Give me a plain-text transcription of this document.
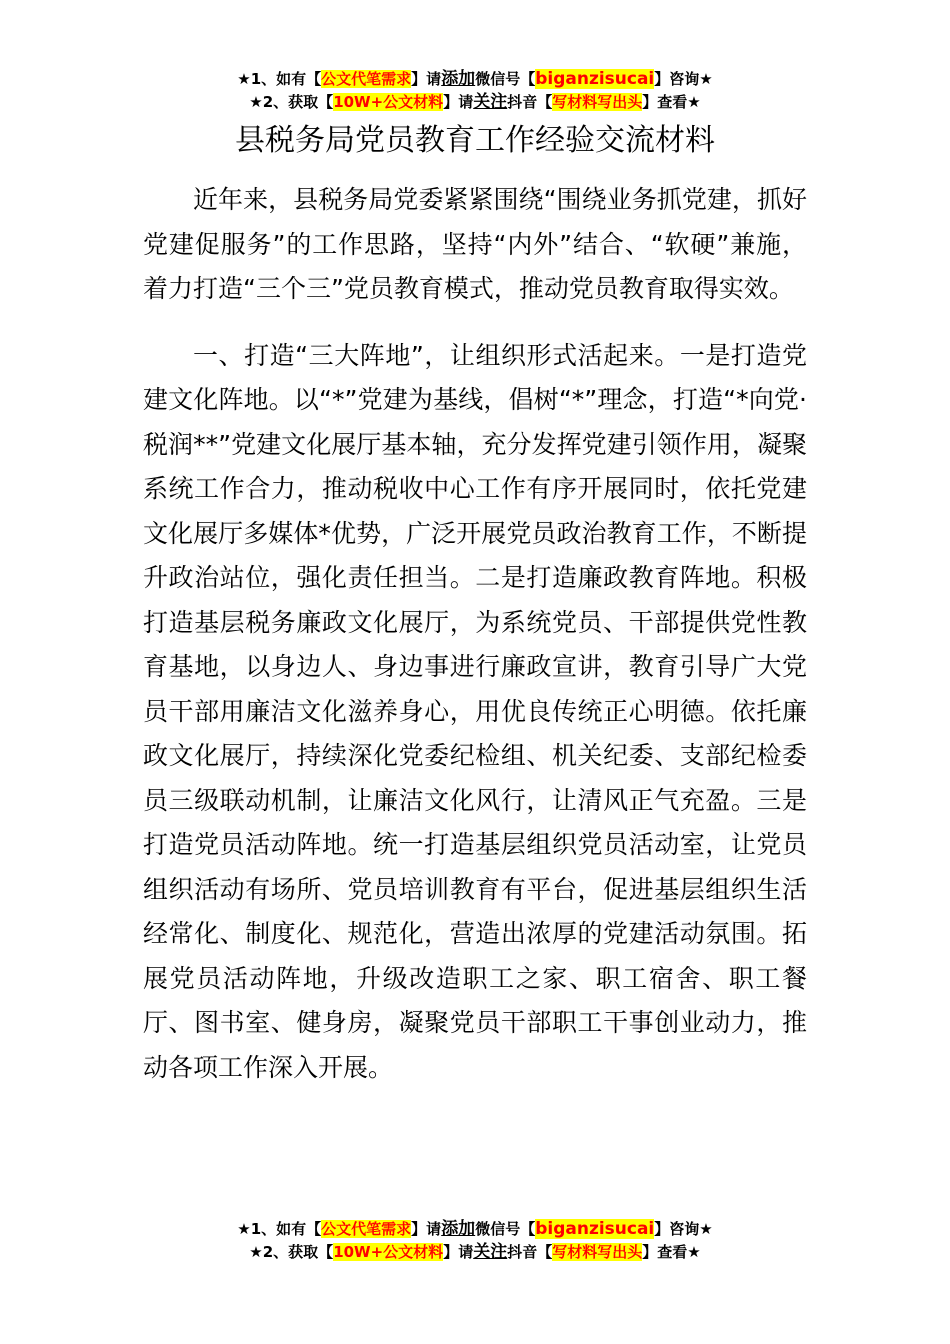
★1、如有【公文代笔需求】请添加微信号【biganzisucai】咨询★
★2、获取【10W+公文材料】请关注抖音【写材料写出头】查看★
县税务局党员教育工作经验交流材料

近年来，县税务局党委紧紧围绕“围绕业务抓党建，抓好党建促服务”的工作思路，坚持“内外”结合、“软硬”兼施，着力打造“三个三”党员教育模式，推动党员教育取得实效。

一、打造“三大阵地”，让组织形式活起来。一是打造党建文化阵地。以“*”党建为基线，倡树“*”理念，打造“*向党·税润**”党建文化展厅基本轴，充分发挥党建引领作用，凝聚系统工作合力，推动税收中心工作有序开展同时，依托党建文化展厅多媒体*优势，广泛开展党员政治教育工作，不断提升政治站位，强化责任担当。二是打造廉政教育阵地。积极打造基层税务廉政文化展厅，为系统党员、干部提供党性教育基地，以身边人、身边事进行廉政宣讲，教育引导广大党员干部用廉洁文化滋养身心，用优良传统正心明德。依托廉政文化展厅，持续深化党委纪检组、机关纪委、支部纪检委员三级联动机制，让廉洁文化风行，让清风正气充盈。三是打造党员活动阵地。统一打造基层组织党员活动室，让党员组织活动有场所、党员培训教育有平台，促进基层组织生活经常化、制度化、规范化，营造出浓厚的党建活动氛围。拓展党员活动阵地，升级改造职工之家、职工宿舍、职工餐厅、图书室、健身房，凝聚党员干部职工干事创业动力，推动各项工作深入开展。

★1、如有【公文代笔需求】请添加微信号【biganzisucai】咨询★
★2、获取【10W+公文材料】请关注抖音【写材料写出头】查看★
